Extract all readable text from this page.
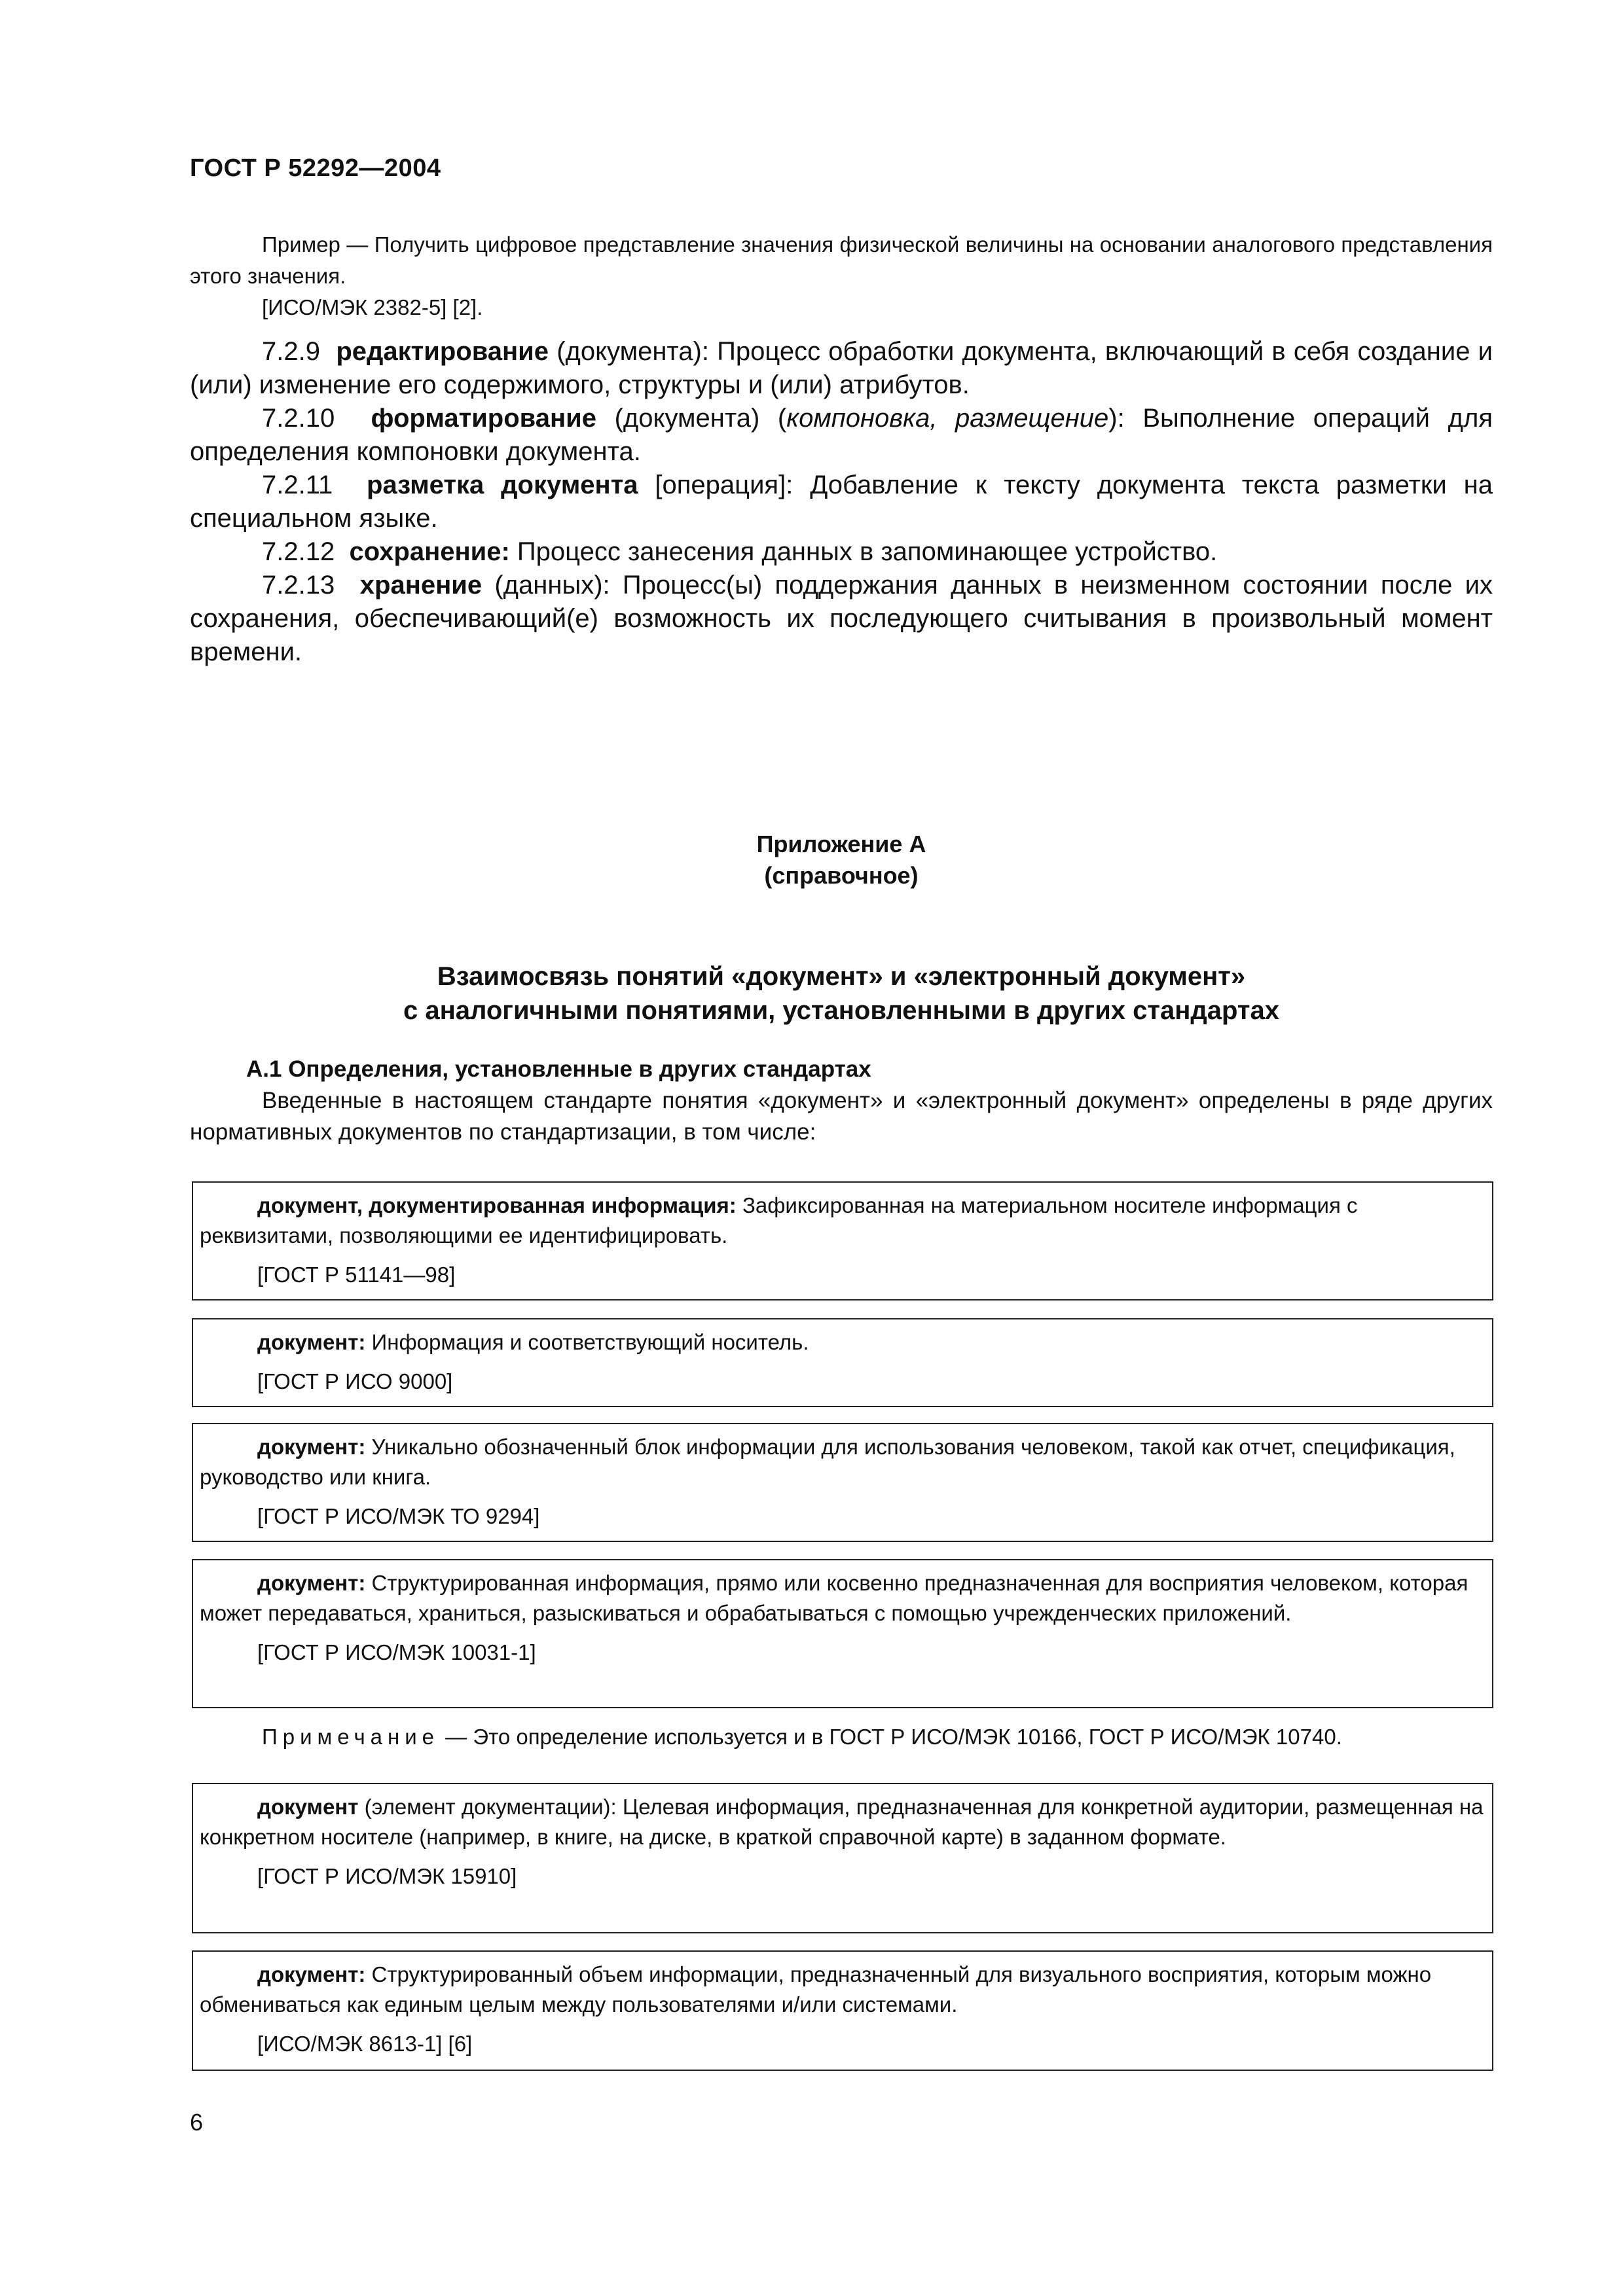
ГОСТ Р 52292—2004

Пример — Получить цифровое представление значения физической величины на основании аналогового представления этого значения.

[ИСО/МЭК 2382-5] [2].

7.2.9 редактирование (документа): Процесс обработки документа, включающий в себя создание и (или) изменение его содержимого, структуры и (или) атрибутов.

7.2.10 форматирование (документа) (компоновка, размещение): Выполнение операций для определения компоновки документа.

7.2.11 разметка документа [операция]: Добавление к тексту документа текста разметки на специальном языке.

7.2.12 сохранение: Процесс занесения данных в запоминающее устройство.

7.2.13 хранение (данных): Процесс(ы) поддержания данных в неизменном состоянии после их сохранения, обеспечивающий(е) возможность их последующего считывания в произвольный момент времени.

Приложение А
(справочное)
Взаимосвязь понятий «документ» и «электронный документ»
с аналогичными понятиями, установленными в других стандартах

А.1 Определения, установленные в других стандартах

Введенные в настоящем стандарте понятия «документ» и «электронный документ» определены в ряде других нормативных документов по стандартизации, в том числе:

документ, документированная информация: Зафиксированная на материальном носителе информация с реквизитами, позволяющими ее идентифицировать.

[ГОСТ Р 51141—98]

документ: Информация и соответствующий носитель.

[ГОСТ Р ИСО 9000]

документ: Уникально обозначенный блок информации для использования человеком, такой как отчет, спецификация, руководство или книга.

[ГОСТ Р ИСО/МЭК ТО 9294]

документ: Структурированная информация, прямо или косвенно предназначенная для восприятия человеком, которая может передаваться, храниться, разыскиваться и обрабатываться с помощью учрежденческих приложений.

[ГОСТ Р ИСО/МЭК 10031-1]

Примечание — Это определение используется и в ГОСТ Р ИСО/МЭК 10166, ГОСТ Р ИСО/МЭК 10740.

документ (элемент документации): Целевая информация, предназначенная для конкретной аудитории, размещенная на конкретном носителе (например, в книге, на диске, в краткой справочной карте) в заданном формате.

[ГОСТ Р ИСО/МЭК 15910]

документ: Структурированный объем информации, предназначенный для визуального восприятия, которым можно обмениваться как единым целым между пользователями и/или системами.

[ИСО/МЭК 8613-1] [6]

6
